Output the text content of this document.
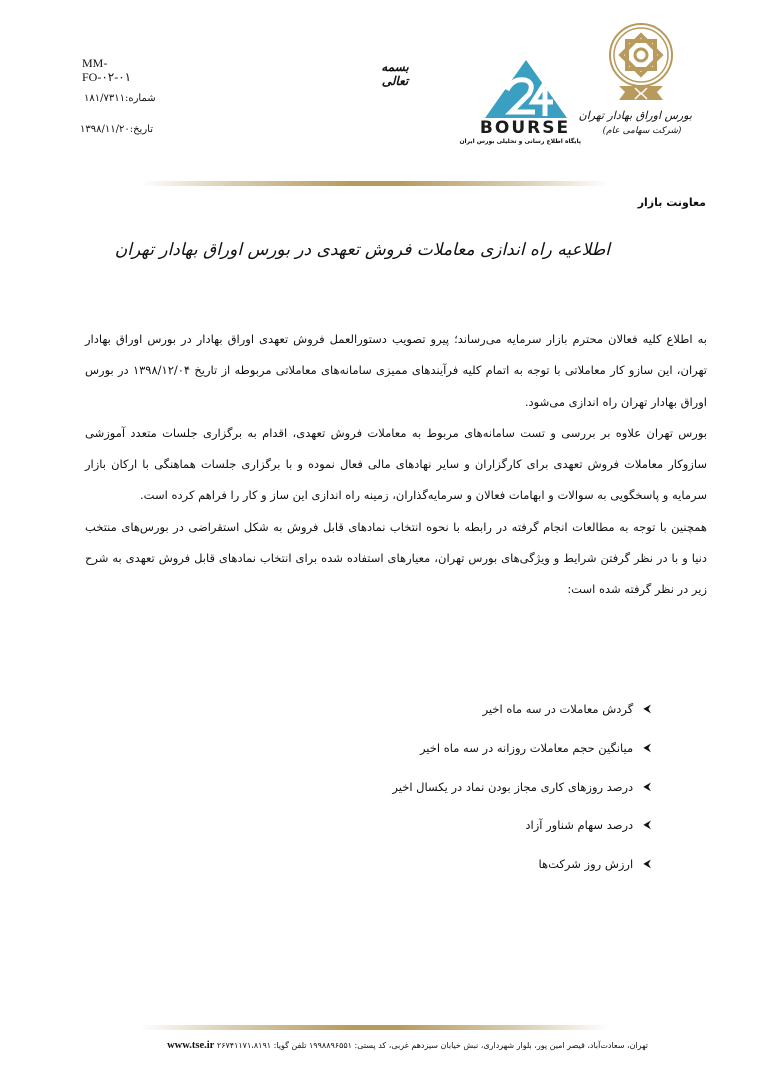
MM-FO-۰۲-۰۱
شماره:۱۸۱/۷۳۱۱
تاریخ:۱۳۹۸/۱۱/۲۰
بسمه تعالی
BOURSE
پایگاه اطلاع رسانی و تحلیلی بورس ایران
بورس اوراق بهادار تهران
(شرکت سهامی عام)
معاونت بازار
اطلاعیه راه اندازی معاملات فروش تعهدی در بورس اوراق بهادار تهران

به اطلاع کلیه فعالان محترم بازار سرمایه می‌رساند؛ پیرو تصویب دستورالعمل فروش تعهدی اوراق بهادار در بورس اوراق بهادار تهران، این سازو کار معاملاتی با توجه به اتمام کلیه فرآیندهای ممیزی سامانه‌های معاملاتی مربوطه از تاریخ ۱۳۹۸/۱۲/۰۴ در بورس اوراق بهادار تهران راه اندازی می‌شود.

بورس تهران علاوه بر بررسی و تست سامانه‌های مربوط به معاملات فروش تعهدی، اقدام به برگزاری جلسات متعدد آموزشی سازوکار معاملات فروش تعهدی برای کارگزاران و سایر نهادهای مالی فعال نموده و با برگزاری جلسات هماهنگی با ارکان بازار سرمایه و پاسخگویی به سوالات و ابهامات فعالان و سرمایه‌گذاران، زمینه راه اندازی این ساز و کار را فراهم کرده است.

همچنین با توجه به مطالعات انجام گرفته در رابطه با نحوه انتخاب نمادهای قابل فروش به شکل استقراضی در بورس‌های منتخب دنیا و با در نظر گرفتن شرایط و ویژگی‌های بورس تهران، معیارهای استفاده شده برای انتخاب نمادهای قابل فروش تعهدی به شرح زیر در نظر گرفته شده است:

⮜
گردش معاملات در سه ماه اخیر
⮜
میانگین حجم معاملات روزانه در سه ماه اخیر
⮜
درصد روزهای کاری مجاز بودن نماد در یکسال اخیر
⮜
درصد سهام شناور آزاد
⮜
ارزش روز شرکت‌ها
تهران، سعادت‌آباد، قیصر امین پور، بلوار شهرداری، نبش خیابان سیزدهم غربی، کد پستی: ۱۹۹۸۸۹۶۵۵۱ تلفن گویا: ۲۶۷۴۱۱۷۱،۸۱۹۱ www.tse.ir
